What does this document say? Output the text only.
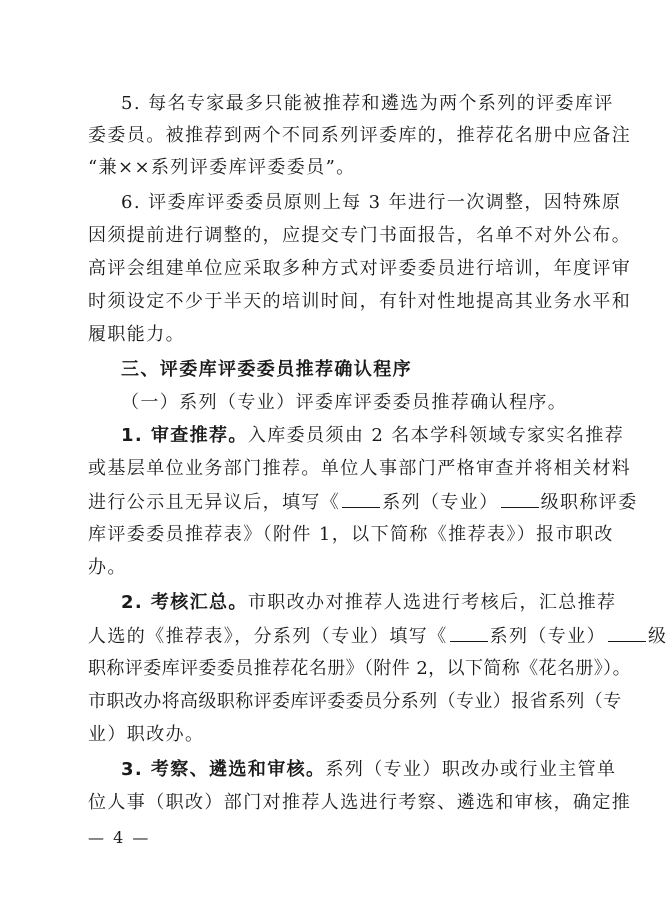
5. 每名专家最多只能被推荐和遴选为两个系列的评委库评
委委员。被推荐到两个不同系列评委库的，推荐花名册中应备注
“兼××系列评委库评委委员”。
6. 评委库评委委员原则上每 3 年进行一次调整，因特殊原
因须提前进行调整的，应提交专门书面报告，名单不对外公布。
高评会组建单位应采取多种方式对评委委员进行培训，年度评审
时须设定不少于半天的培训时间，有针对性地提高其业务水平和
履职能力。
三、评委库评委委员推荐确认程序
（一）系列（专业）评委库评委委员推荐确认程序。
1. 审查推荐。入库委员须由 2 名本学科领域专家实名推荐
或基层单位业务部门推荐。单位人事部门严格审查并将相关材料
进行公示且无异议后，填写《 系列（专业） 级职称评委
库评委委员推荐表》（附件 1，以下简称《推荐表》）报市职改
办。
2. 考核汇总。市职改办对推荐人选进行考核后，汇总推荐
人选的《推荐表》，分系列（专业）填写《 系列（专业） 级
职称评委库评委委员推荐花名册》（附件 2，以下简称《花名册》）。
市职改办将高级职称评委库评委委员分系列（专业）报省系列（专
业）职改办。
3. 考察、遴选和审核。系列（专业）职改办或行业主管单
位人事（职改）部门对推荐人选进行考察、遴选和审核，确定推
— 4 —
